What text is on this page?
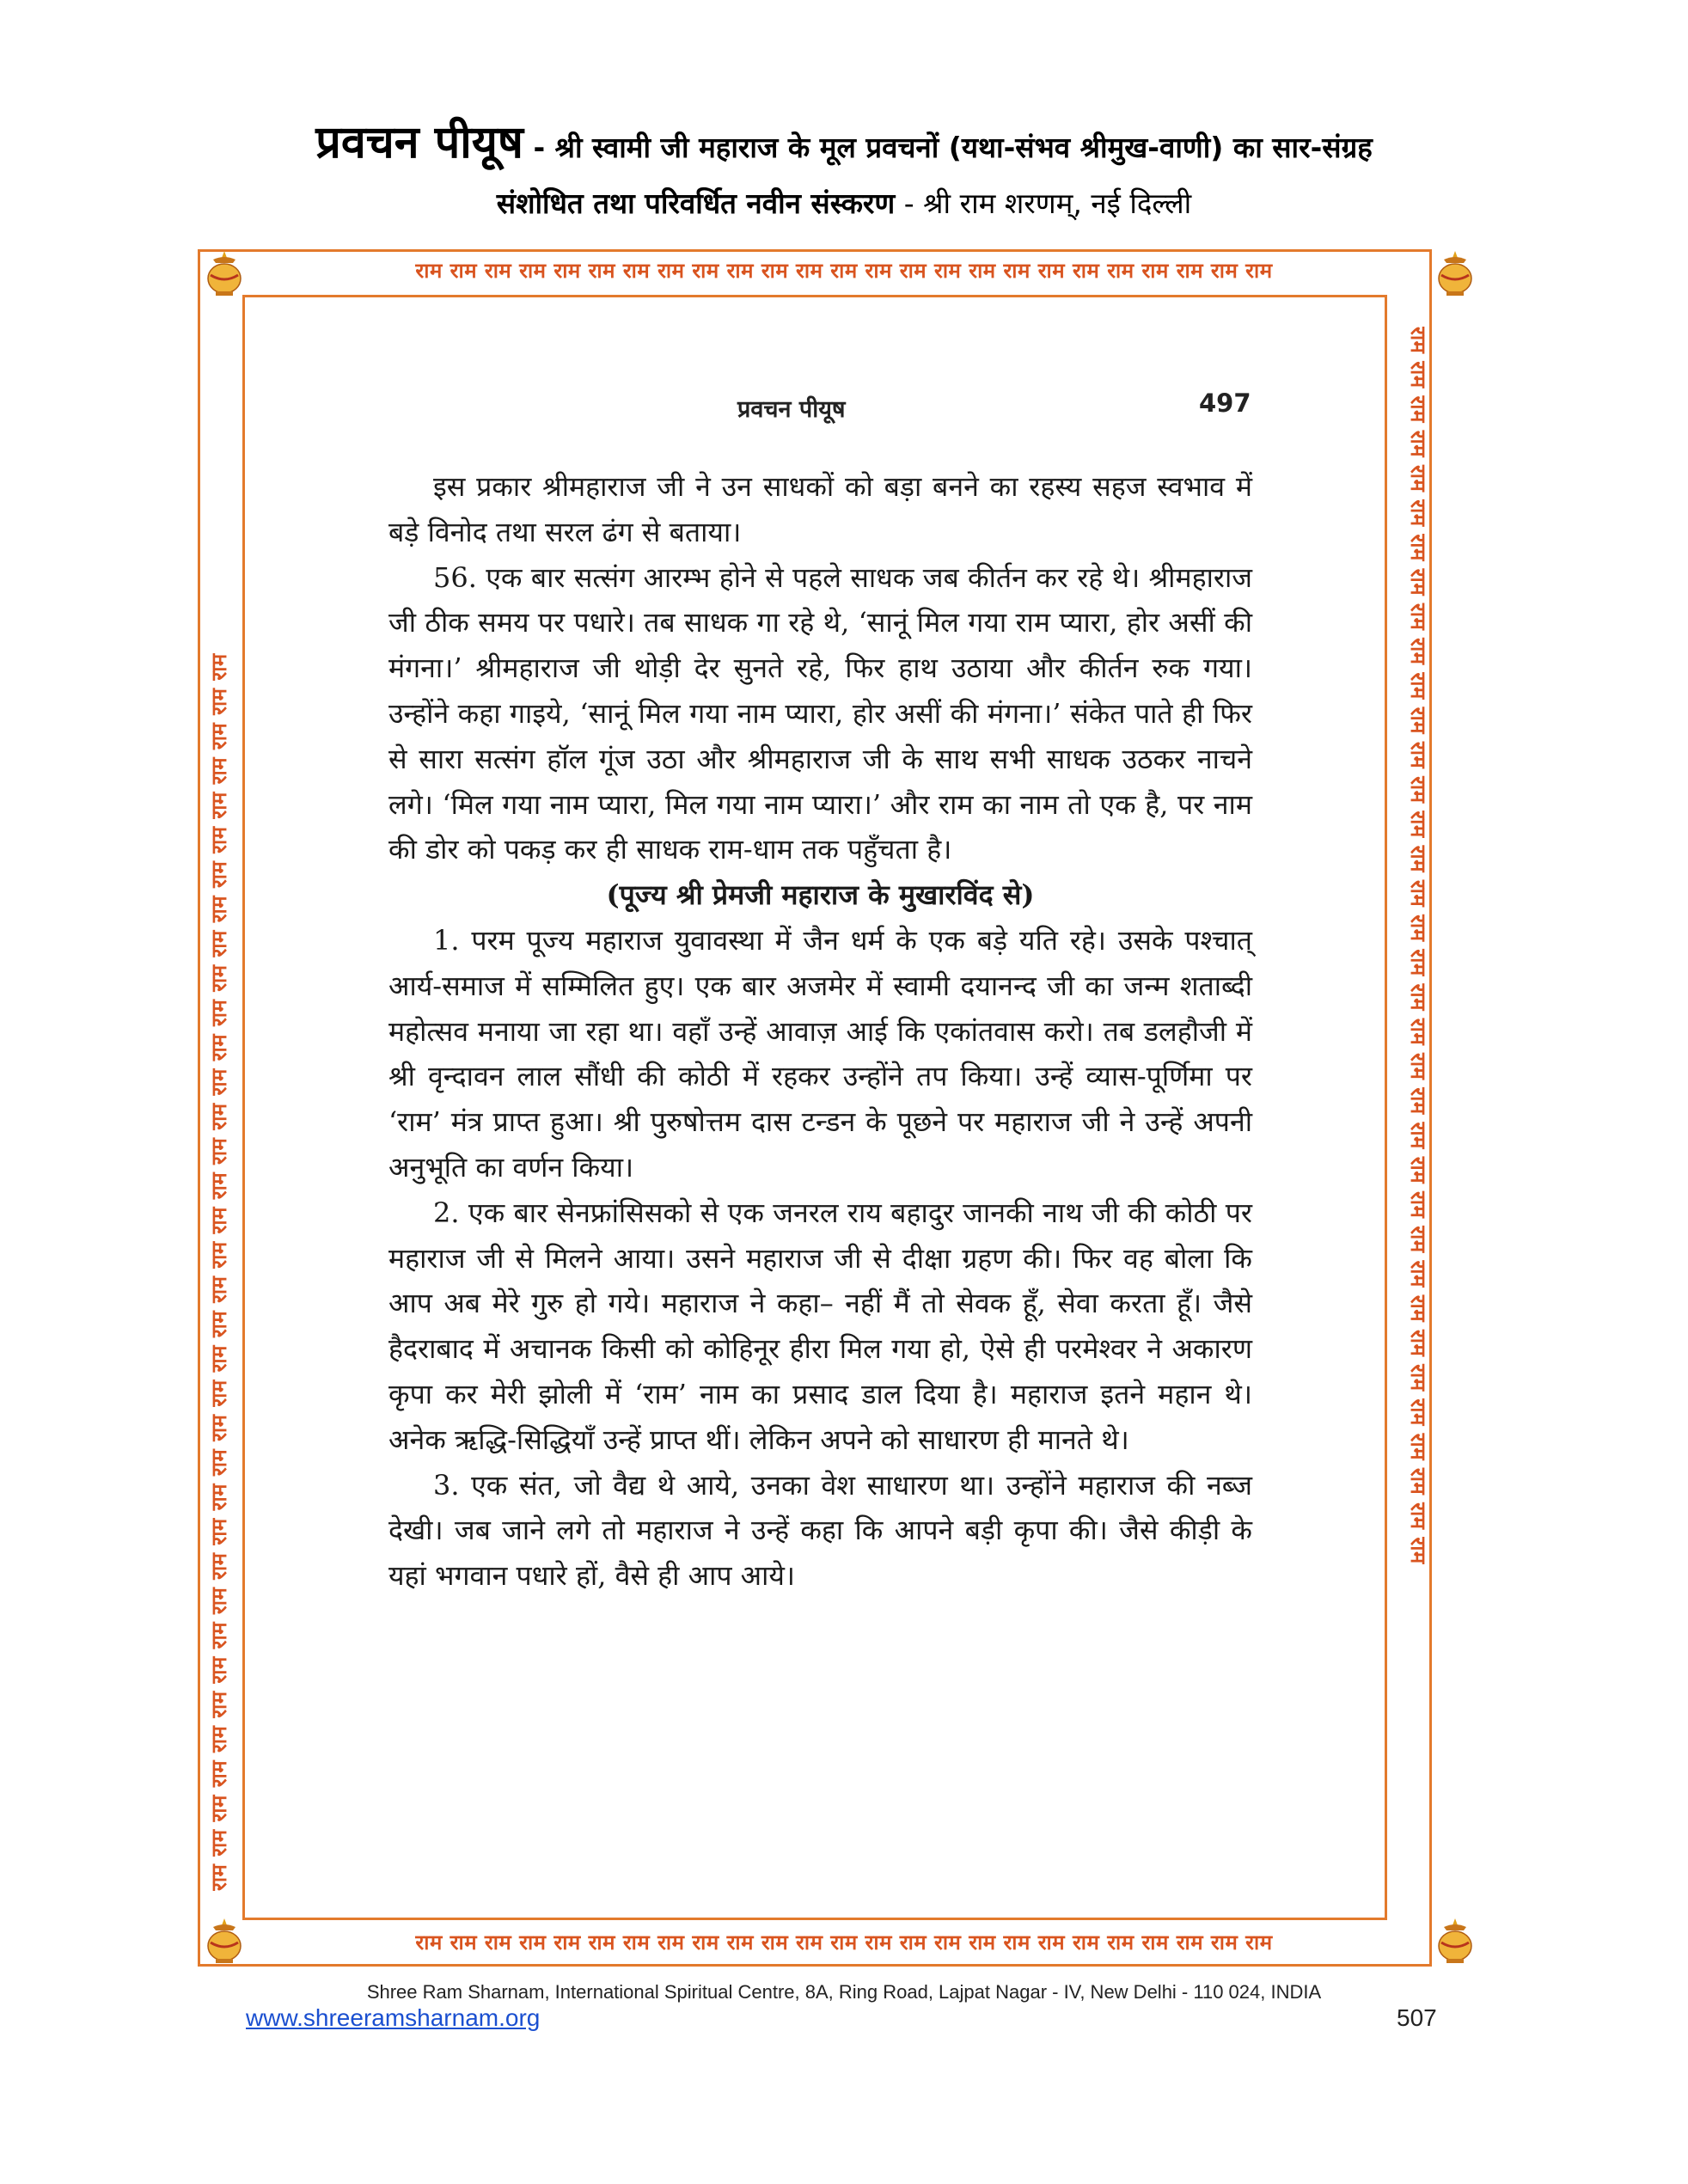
प्रवचन पीयूष - श्री स्वामी जी महाराज के मूल प्रवचनों (यथा-संभव श्रीमुख-वाणी) का सार-संग्रह
संशोधित तथा परिवर्धित नवीन संस्करण - श्री राम शरणम्, नई दिल्ली
राम राम राम राम राम राम राम राम राम राम राम राम राम राम राम राम राम राम राम राम राम राम राम राम राम
राम राम राम राम राम राम राम राम राम राम राम राम राम राम राम राम राम राम राम राम राम राम राम राम राम
राम राम राम राम राम राम राम राम राम राम राम राम राम राम राम राम राम राम राम राम राम राम राम राम राम राम राम राम राम राम राम राम राम राम राम राम	राम राम राम राम राम राम राम राम राम राम राम राम राम राम राम राम राम राम राम राम राम राम राम राम राम राम राम राम राम राम राम राम राम राम राम राम
प्रवचन पीयूष	497

इस प्रकार श्रीमहाराज जी ने उन साधकों को बड़ा बनने का रहस्य सहज स्वभाव में बड़े विनोद तथा सरल ढंग से बताया।

56. एक बार सत्संग आरम्भ होने से पहले साधक जब कीर्तन कर रहे थे। श्रीमहाराज जी ठीक समय पर पधारे। तब साधक गा रहे थे, ‘सानूं मिल गया राम प्यारा, होर असीं की मंगना।’ श्रीमहाराज जी थोड़ी देर सुनते रहे, फिर हाथ उठाया और कीर्तन रुक गया। उन्होंने कहा गाइये, ‘सानूं मिल गया नाम प्यारा, होर असीं की मंगना।’ संकेत पाते ही फिर से सारा सत्संग हॉल गूंज उठा और श्रीमहाराज जी के साथ सभी साधक उठकर नाचने लगे। ‘मिल गया नाम प्यारा, मिल गया नाम प्यारा।’ और राम का नाम तो एक है, पर नाम की डोर को पकड़ कर ही साधक राम-धाम तक पहुँचता है।

(पूज्य श्री प्रेमजी महाराज के मुखारविंद से)

1. परम पूज्य महाराज युवावस्था में जैन धर्म के एक बड़े यति रहे। उसके पश्चात् आर्य-समाज में सम्मिलित हुए। एक बार अजमेर में स्वामी दयानन्द जी का जन्म शताब्दी महोत्सव मनाया जा रहा था। वहाँ उन्हें आवाज़ आई कि एकांतवास करो। तब डलहौजी में श्री वृन्दावन लाल सौंधी की कोठी में रहकर उन्होंने तप किया। उन्हें व्यास-पूर्णिमा पर ‘राम’ मंत्र प्राप्त हुआ। श्री पुरुषोत्तम दास टन्डन के पूछने पर महाराज जी ने उन्हें अपनी अनुभूति का वर्णन किया।

2. एक बार सेनफ्रांसिसको से एक जनरल राय बहादुर जानकी नाथ जी की कोठी पर महाराज जी से मिलने आया। उसने महाराज जी से दीक्षा ग्रहण की। फिर वह बोला कि आप अब मेरे गुरु हो गये। महाराज ने कहा– नहीं मैं तो सेवक हूँ, सेवा करता हूँ। जैसे हैदराबाद में अचानक किसी को कोहिनूर हीरा मिल गया हो, ऐसे ही परमेश्वर ने अकारण कृपा कर मेरी झोली में ‘राम’ नाम का प्रसाद डाल दिया है। महाराज इतने महान थे। अनेक ऋद्धि-सिद्धियाँ उन्हें प्राप्त थीं। लेकिन अपने को साधारण ही मानते थे।

3. एक संत, जो वैद्य थे आये, उनका वेश साधारण था। उन्होंने महाराज की नब्ज देखी। जब जाने लगे तो महाराज ने उन्हें कहा कि आपने बड़ी कृपा की। जैसे कीड़ी के यहां भगवान पधारे हों, वैसे ही आप आये।

Shree Ram Sharnam, International Spiritual Centre, 8A, Ring Road, Lajpat Nagar - IV, New Delhi - 110 024, INDIA
www.shreeramsharnam.org	507
